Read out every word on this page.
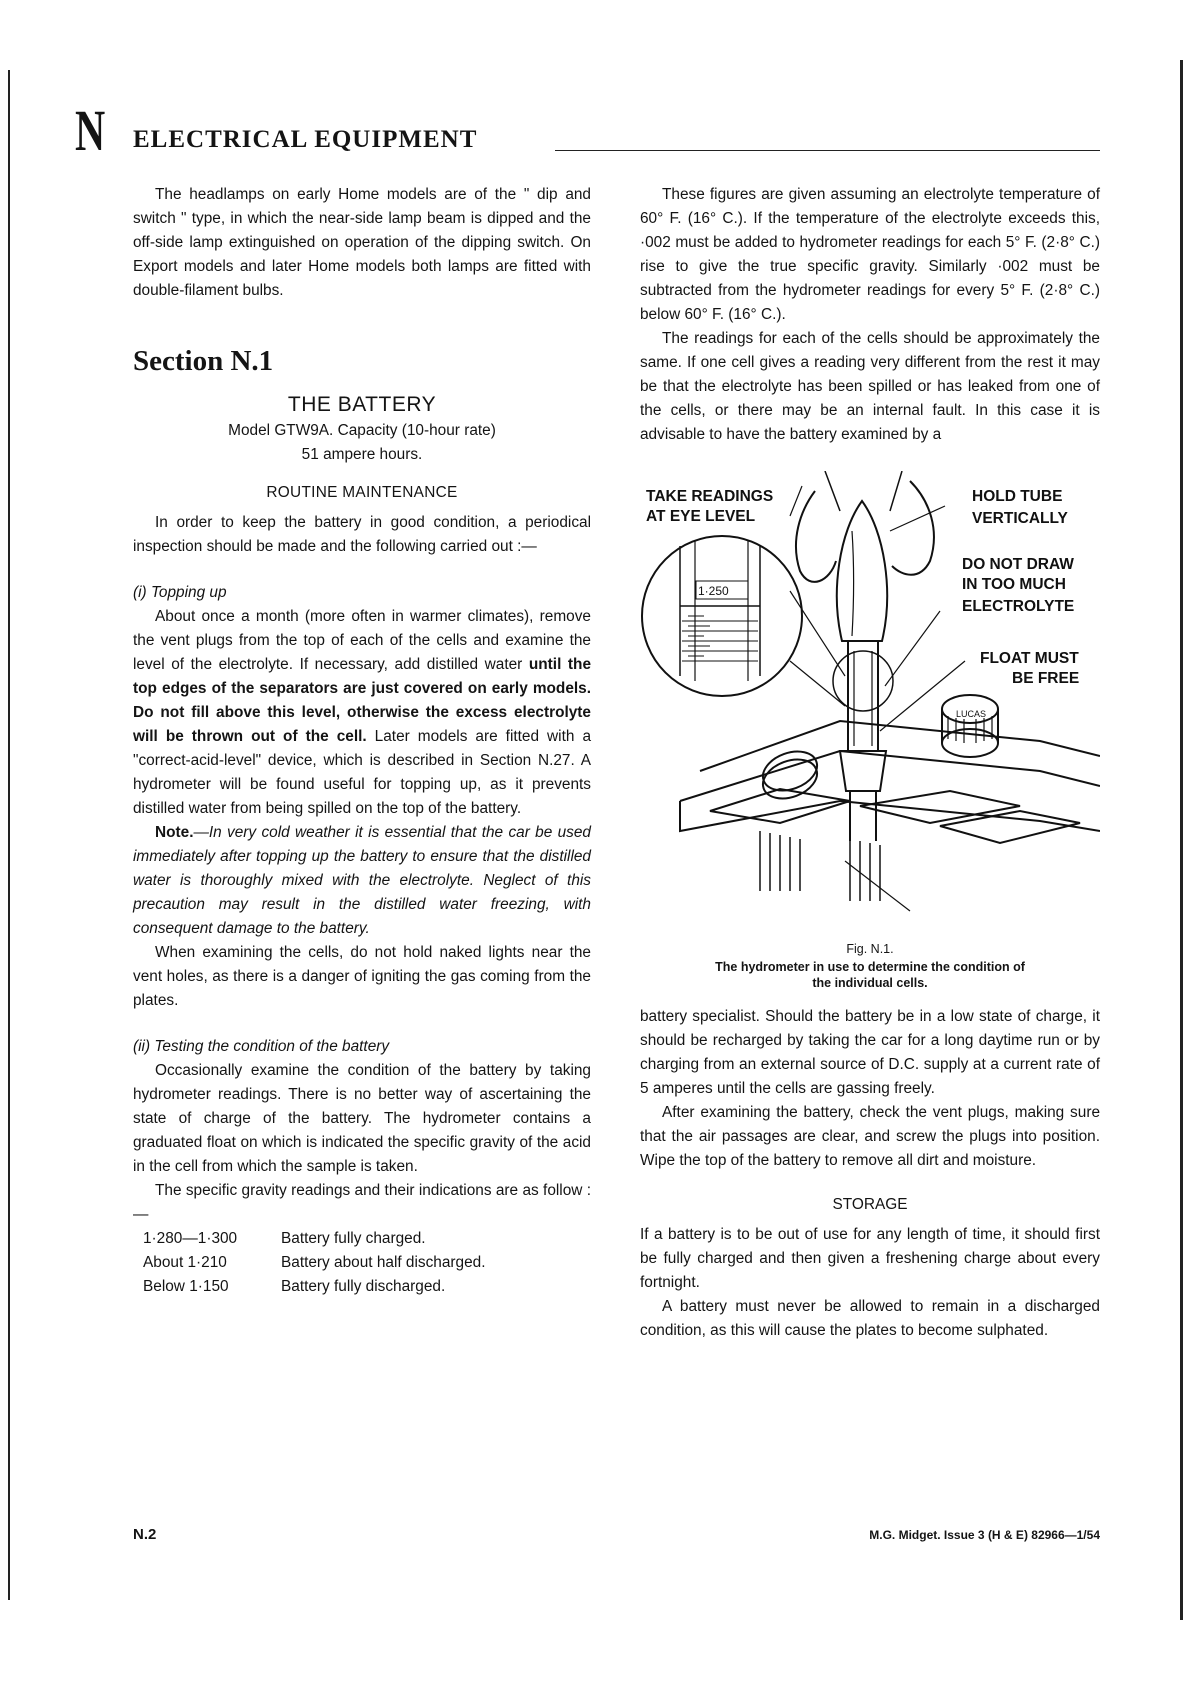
N ELECTRICAL EQUIPMENT

The headlamps on early Home models are of the " dip and switch " type, in which the near-side lamp beam is dipped and the off-side lamp extinguished on operation of the dipping switch. On Export models and later Home models both lamps are fitted with double-filament bulbs.

Section N.1
THE BATTERY
Model GTW9A. Capacity (10-hour rate)
51 ampere hours.
ROUTINE MAINTENANCE

In order to keep the battery in good condition, a periodical inspection should be made and the following carried out :—

(i) Topping up

About once a month (more often in warmer climates), remove the vent plugs from the top of each of the cells and examine the level of the electrolyte. If necessary, add distilled water until the top edges of the separators are just covered on early models. Do not fill above this level, otherwise the excess electrolyte will be thrown out of the cell. Later models are fitted with a "correct-acid-level" device, which is described in Section N.27. A hydrometer will be found useful for topping up, as it prevents distilled water from being spilled on the top of the battery.

Note.—In very cold weather it is essential that the car be used immediately after topping up the battery to ensure that the distilled water is thoroughly mixed with the electrolyte. Neglect of this precaution may result in the distilled water freezing, with consequent damage to the battery.

When examining the cells, do not hold naked lights near the vent holes, as there is a danger of igniting the gas coming from the plates.

(ii) Testing the condition of the battery

Occasionally examine the condition of the battery by taking hydrometer readings. There is no better way of ascertaining the state of charge of the battery. The hydrometer contains a graduated float on which is indicated the specific gravity of the acid in the cell from which the sample is taken.

The specific gravity readings and their indications are as follow :—

1·280—1·300	Battery fully charged.
About 1·210	Battery about half discharged.
Below 1·150	Battery fully discharged.

These figures are given assuming an electrolyte temperature of 60° F. (16° C.). If the temperature of the electrolyte exceeds this, ·002 must be added to hydrometer readings for each 5° F. (2·8° C.) rise to give the true specific gravity. Similarly ·002 must be subtracted from the hydrometer readings for every 5° F. (2·8° C.) below 60° F. (16° C.).

The readings for each of the cells should be approximately the same. If one cell gives a reading very different from the rest it may be that the electrolyte has been spilled or has leaked from one of the cells, or there may be an internal fault. In this case it is advisable to have the battery examined by a

TAKE READINGS
AT EYE LEVEL
HOLD TUBE
VERTICALLY
DO NOT DRAW
IN TOO MUCH
ELECTROLYTE
FLOAT MUST
BE FREE
1·250
LUCAS
Fig. N.1.
The hydrometer in use to determine the condition of
the individual cells.

battery specialist. Should the battery be in a low state of charge, it should be recharged by taking the car for a long daytime run or by charging from an external source of D.C. supply at a current rate of 5 amperes until the cells are gassing freely.

After examining the battery, check the vent plugs, making sure that the air passages are clear, and screw the plugs into position. Wipe the top of the battery to remove all dirt and moisture.

STORAGE

If a battery is to be out of use for any length of time, it should first be fully charged and then given a freshening charge about every fortnight.

A battery must never be allowed to remain in a discharged condition, as this will cause the plates to become sulphated.

N.2	M.G. Midget. Issue 3 (H & E) 82966—1/54
